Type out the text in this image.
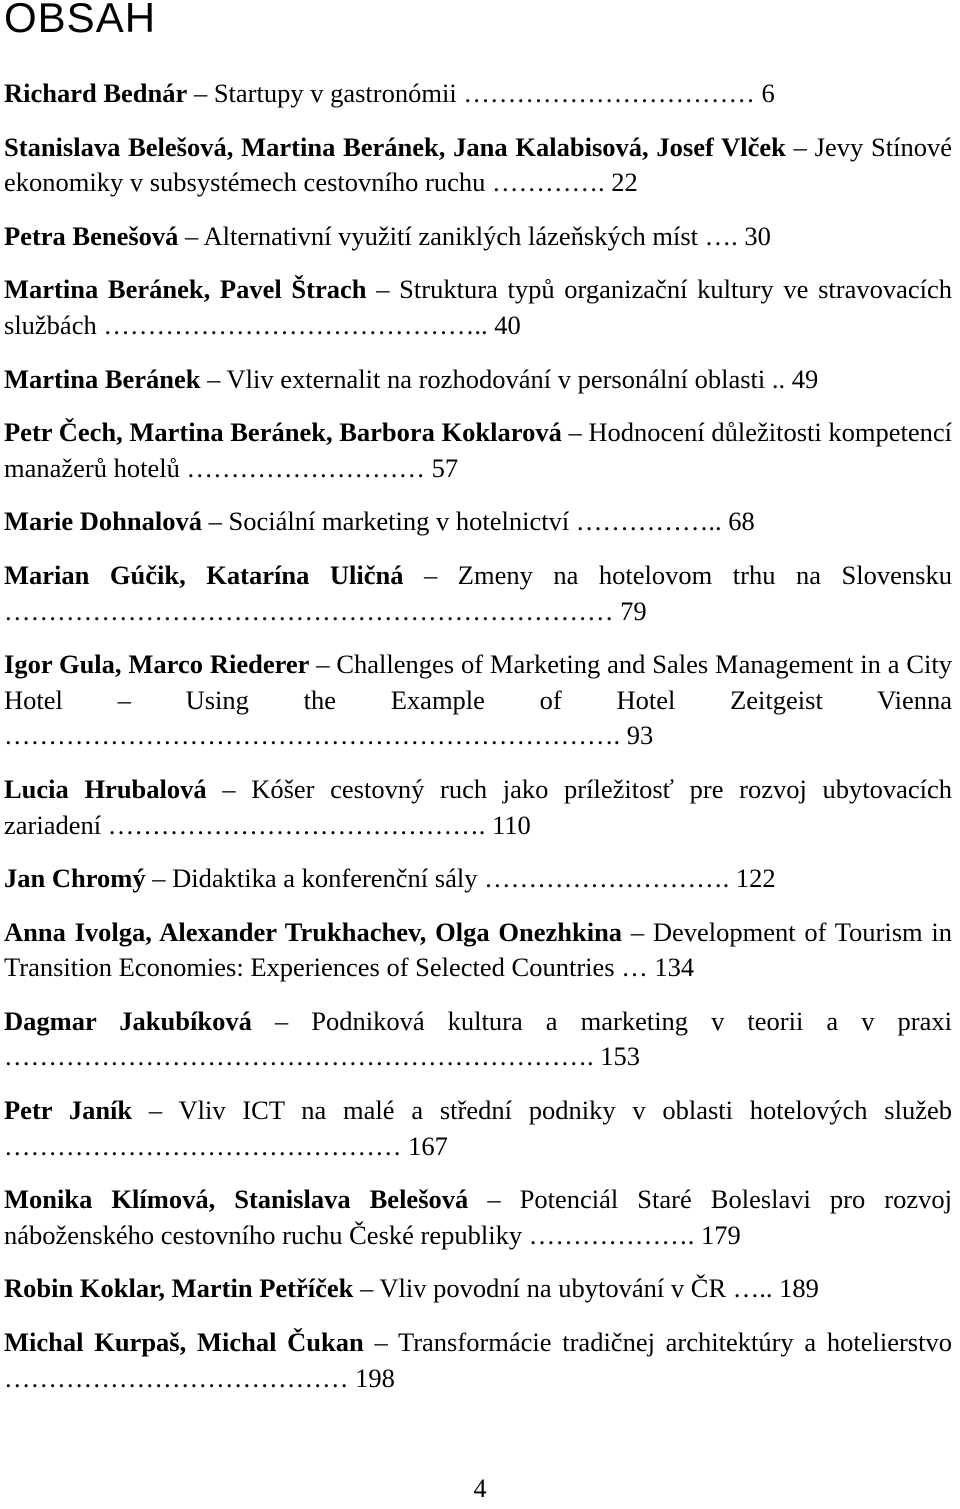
OBSAH

Richard Bednár – Startupy v gastronómii …………………………… 6

Stanislava Belešová, Martina Beránek, Jana Kalabisová, Josef Vlček – Jevy Stínové ekonomiky v subsystémech cestovního ruchu …………. 22

Petra Benešová – Alternativní využití zaniklých lázeňských míst …. 30

Martina Beránek, Pavel Štrach – Struktura typů organizační kultury ve stravovacích službách …………………………………….. 40

Martina Beránek – Vliv externalit na rozhodování v personální oblasti .. 49

Petr Čech, Martina Beránek, Barbora Koklarová – Hodnocení důležitosti kompetencí manažerů hotelů ……………………… 57

Marie Dohnalová – Sociální marketing v hotelnictví …………….. 68

Marian Gúčik, Katarína Uličná – Zmeny na hotelovom trhu na Slovensku …………………………………………………………… 79

Igor Gula, Marco Riederer – Challenges of Marketing and Sales Management in a City Hotel – Using the Example of Hotel Zeitgeist Vienna ……………………………………………………………. 93

Lucia Hrubalová – Kóšer cestovný ruch jako príležitosť pre rozvoj ubytovacích zariadení ……………………………………. 110

Jan Chromý – Didaktika a konferenční sály ………………………. 122

Anna Ivolga, Alexander Trukhachev, Olga Onezhkina – Development of Tourism in Transition Economies: Experiences of Selected Countries … 134

Dagmar Jakubíková – Podniková kultura a marketing v teorii a v praxi …………………………………………………………. 153

Petr Janík – Vliv ICT na malé a střední podniky v oblasti hotelových služeb ……………………………………… 167

Monika Klímová, Stanislava Belešová – Potenciál Staré Boleslavi pro rozvoj náboženského cestovního ruchu České republiky ………………. 179

Robin Koklar, Martin Petříček – Vliv povodní na ubytování v ČR ….. 189

Michal Kurpaš, Michal Čukan – Transformácie tradičnej architektúry a hotelierstvo ………………………………… 198

4
